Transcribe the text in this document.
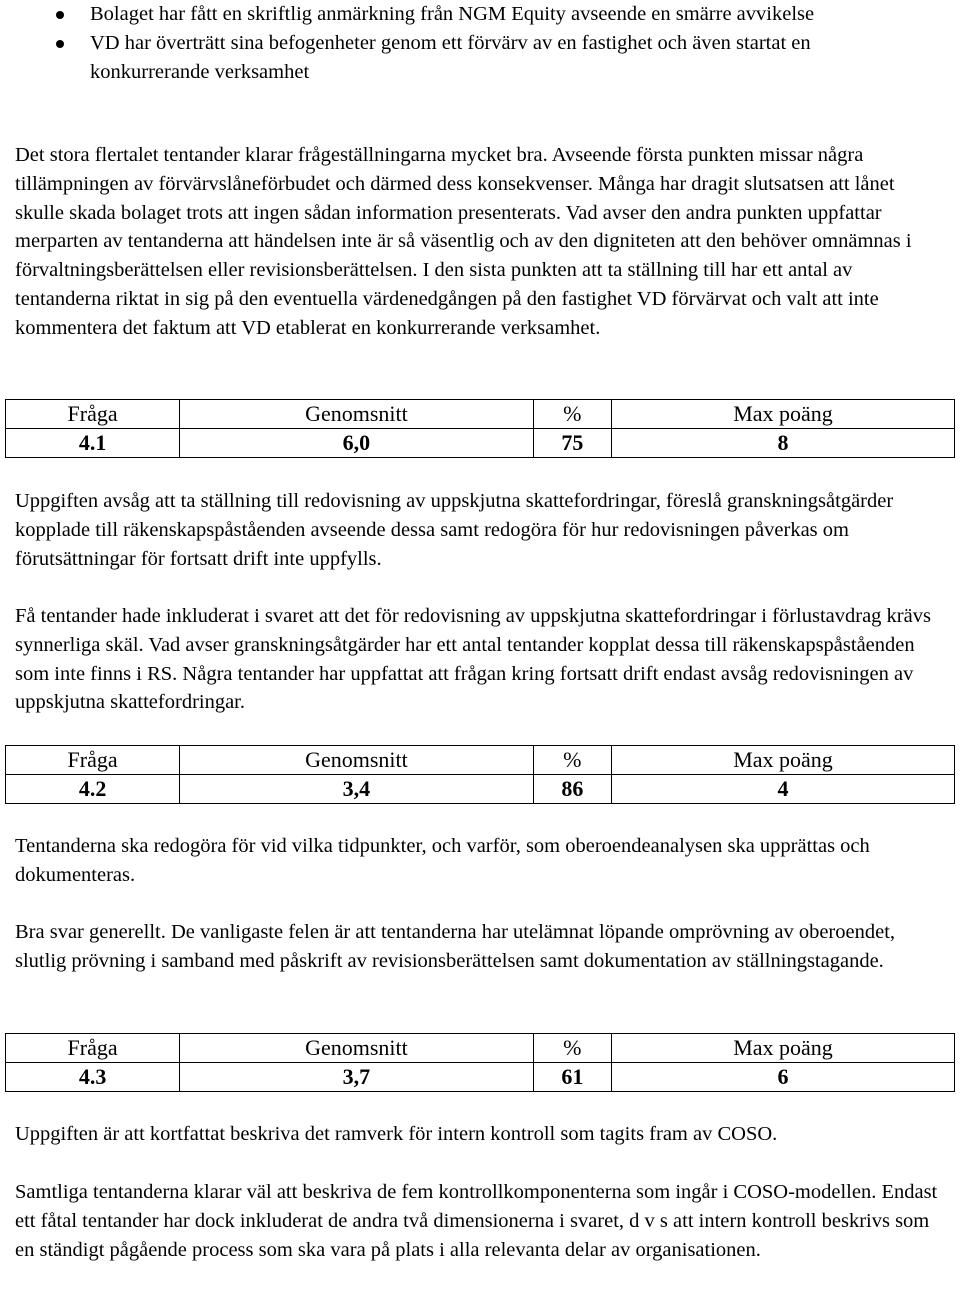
Bolaget har fått en skriftlig anmärkning från NGM Equity avseende en smärre avvikelse
VD har överträtt sina befogenheter genom ett förvärv av en fastighet och även startat en konkurrerande verksamhet

Det stora flertalet tentander klarar frågeställningarna mycket bra. Avseende första punkten missar några tillämpningen av förvärvslåneförbudet och därmed dess konsekvenser. Många har dragit slutsatsen att lånet skulle skada bolaget trots att ingen sådan information presenterats. Vad avser den andra punkten uppfattar merparten av tentanderna att händelsen inte är så väsentlig och av den digniteten att den behöver omnämnas i förvaltningsberättelsen eller revisionsberättelsen. I den sista punkten att ta ställning till har ett antal av tentanderna riktat in sig på den eventuella värdenedgången på den fastighet VD förvärvat och valt att inte kommentera det faktum att VD etablerat en konkurrerande verksamhet.

Fråga	Genomsnitt	%	Max poäng
4.1	6,0	75	8

Uppgiften avsåg att ta ställning till redovisning av uppskjutna skattefordringar, föreslå granskningsåtgärder kopplade till räkenskapspåståenden avseende dessa samt redogöra för hur redovisningen påverkas om förutsättningar för fortsatt drift inte uppfylls.

Få tentander hade inkluderat i svaret att det för redovisning av uppskjutna skattefordringar i förlustavdrag krävs synnerliga skäl. Vad avser granskningsåtgärder har ett antal tentander kopplat dessa till räkenskapspåståenden som inte finns i RS. Några tentander har uppfattat att frågan kring fortsatt drift endast avsåg redovisningen av uppskjutna skattefordringar.

Fråga	Genomsnitt	%	Max poäng
4.2	3,4	86	4

Tentanderna ska redogöra för vid vilka tidpunkter, och varför, som oberoendeanalysen ska upprättas och dokumenteras.

Bra svar generellt. De vanligaste felen är att tentanderna har utelämnat löpande omprövning av oberoendet, slutlig prövning i samband med påskrift av revisionsberättelsen samt dokumentation av ställningstagande.

Fråga	Genomsnitt	%	Max poäng
4.3	3,7	61	6

Uppgiften är att kortfattat beskriva det ramverk för intern kontroll som tagits fram av COSO.

Samtliga tentanderna klarar väl att beskriva de fem kontrollkomponenterna som ingår i COSO-modellen. Endast ett fåtal tentander har dock inkluderat de andra två dimensionerna i svaret, d v s att intern kontroll beskrivs som en ständigt pågående process som ska vara på plats i alla relevanta delar av organisationen.
